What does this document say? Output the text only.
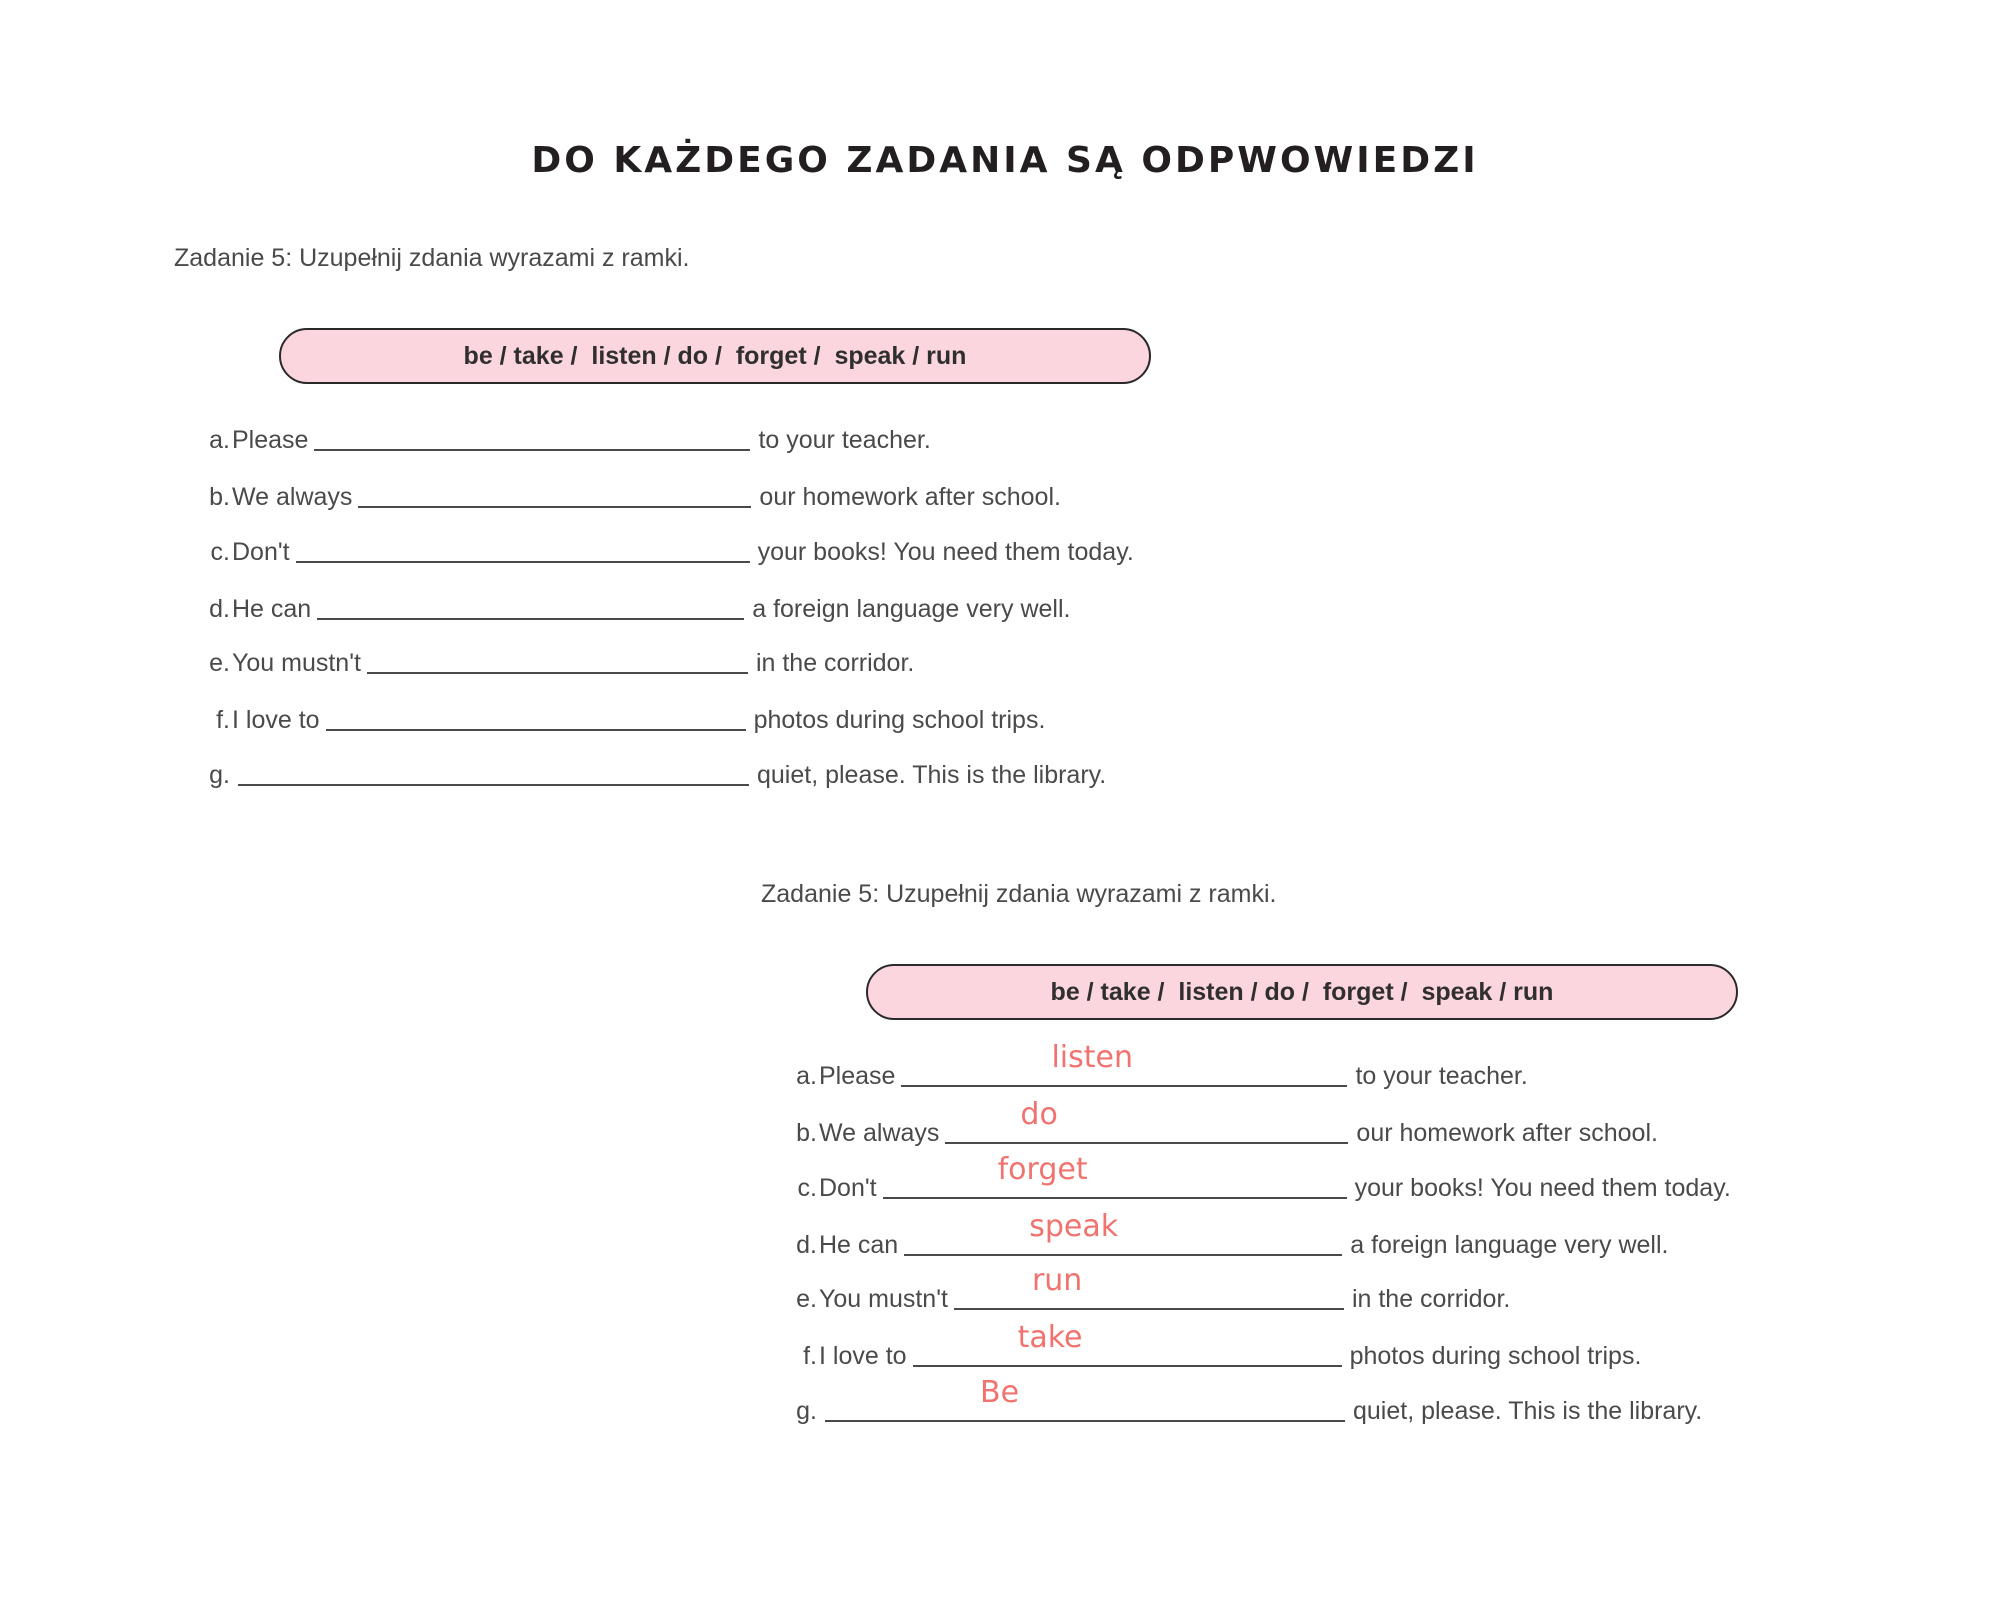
DO KAŻDEGO ZADANIA SĄ ODPWOWIEDZI
Zadanie 5: Uzupełnij zdania wyrazami z ramki.
be / take /  listen / do /  forget /  speak / run
a. Please	to your teacher.
b. We always	our homework after school.
c. Don't	your books! You need them today.
d. He can	a foreign language very well.
e. You mustn't	in the corridor.
f. I love to	photos during school trips.
g.	quiet, please. This is the library.
Zadanie 5: Uzupełnij zdania wyrazami z ramki.
be / take /  listen / do /  forget /  speak / run
a. Please
listen
to your teacher.
b. We always
do
our homework after school.
c. Don't
forget
your books! You need them today.
d. He can
speak
a foreign language very well.
e. You mustn't
run
in the corridor.
f. I love to
take
photos during school trips.
g.
Be
quiet, please. This is the library.
